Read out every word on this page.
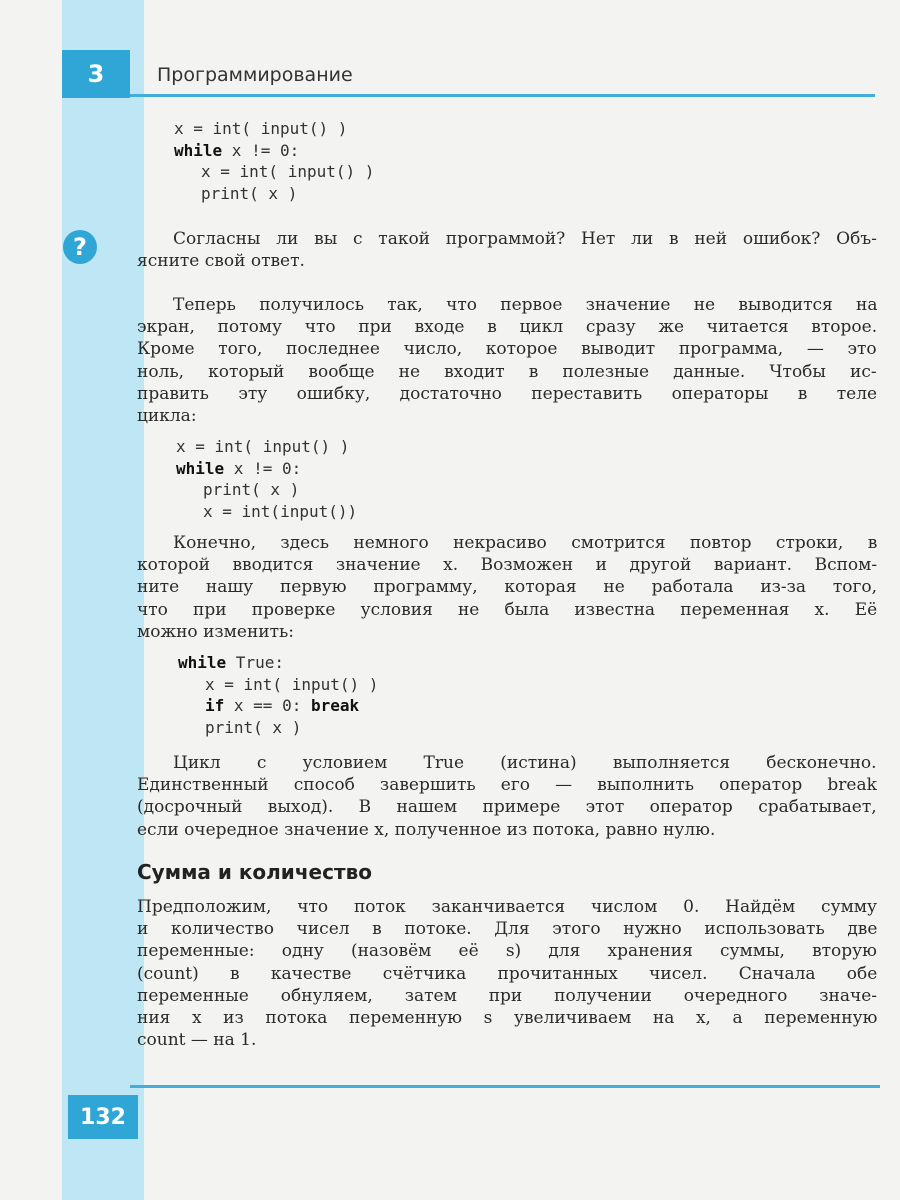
3	Программирование
x = int( input() )
while x != 0:
x = int( input() )
print( x )
?	Согласны ли вы с такой программой? Нет ли в ней ошибок? Объ-
ясните свой ответ.
Теперь получилось так, что первое значение не выводится на
экран, потому что при входе в цикл сразу же читается второе.
Кроме того, последнее число, которое выводит программа, — это
ноль, который вообще не входит в полезные данные. Чтобы ис-
править эту ошибку, достаточно переставить операторы в теле
цикла:
x = int( input() )
while x != 0:
print( x )
x = int(input())
Конечно, здесь немного некрасиво смотрится повтор строки, в
которой вводится значение x. Возможен и другой вариант. Вспом-
ните нашу первую программу, которая не работала из-за того,
что при проверке условия не была известна переменная x. Её
можно изменить:
while True:
x = int( input() )
if x == 0: break
print( x )
Цикл с условием True (истина) выполняется бесконечно.
Единственный способ завершить его — выполнить оператор break
(досрочный выход). В нашем примере этот оператор срабатывает,
если очередное значение x, полученное из потока, равно нулю.
Сумма и количество
Предположим, что поток заканчивается числом 0. Найдём сумму
и количество чисел в потоке. Для этого нужно использовать две
переменные: одну (назовём её s) для хранения суммы, вторую
(count) в качестве счётчика прочитанных чисел. Сначала обе
переменные обнуляем, затем при получении очередного значе-
ния x из потока переменную s увеличиваем на x, а переменную
count — на 1.
132
